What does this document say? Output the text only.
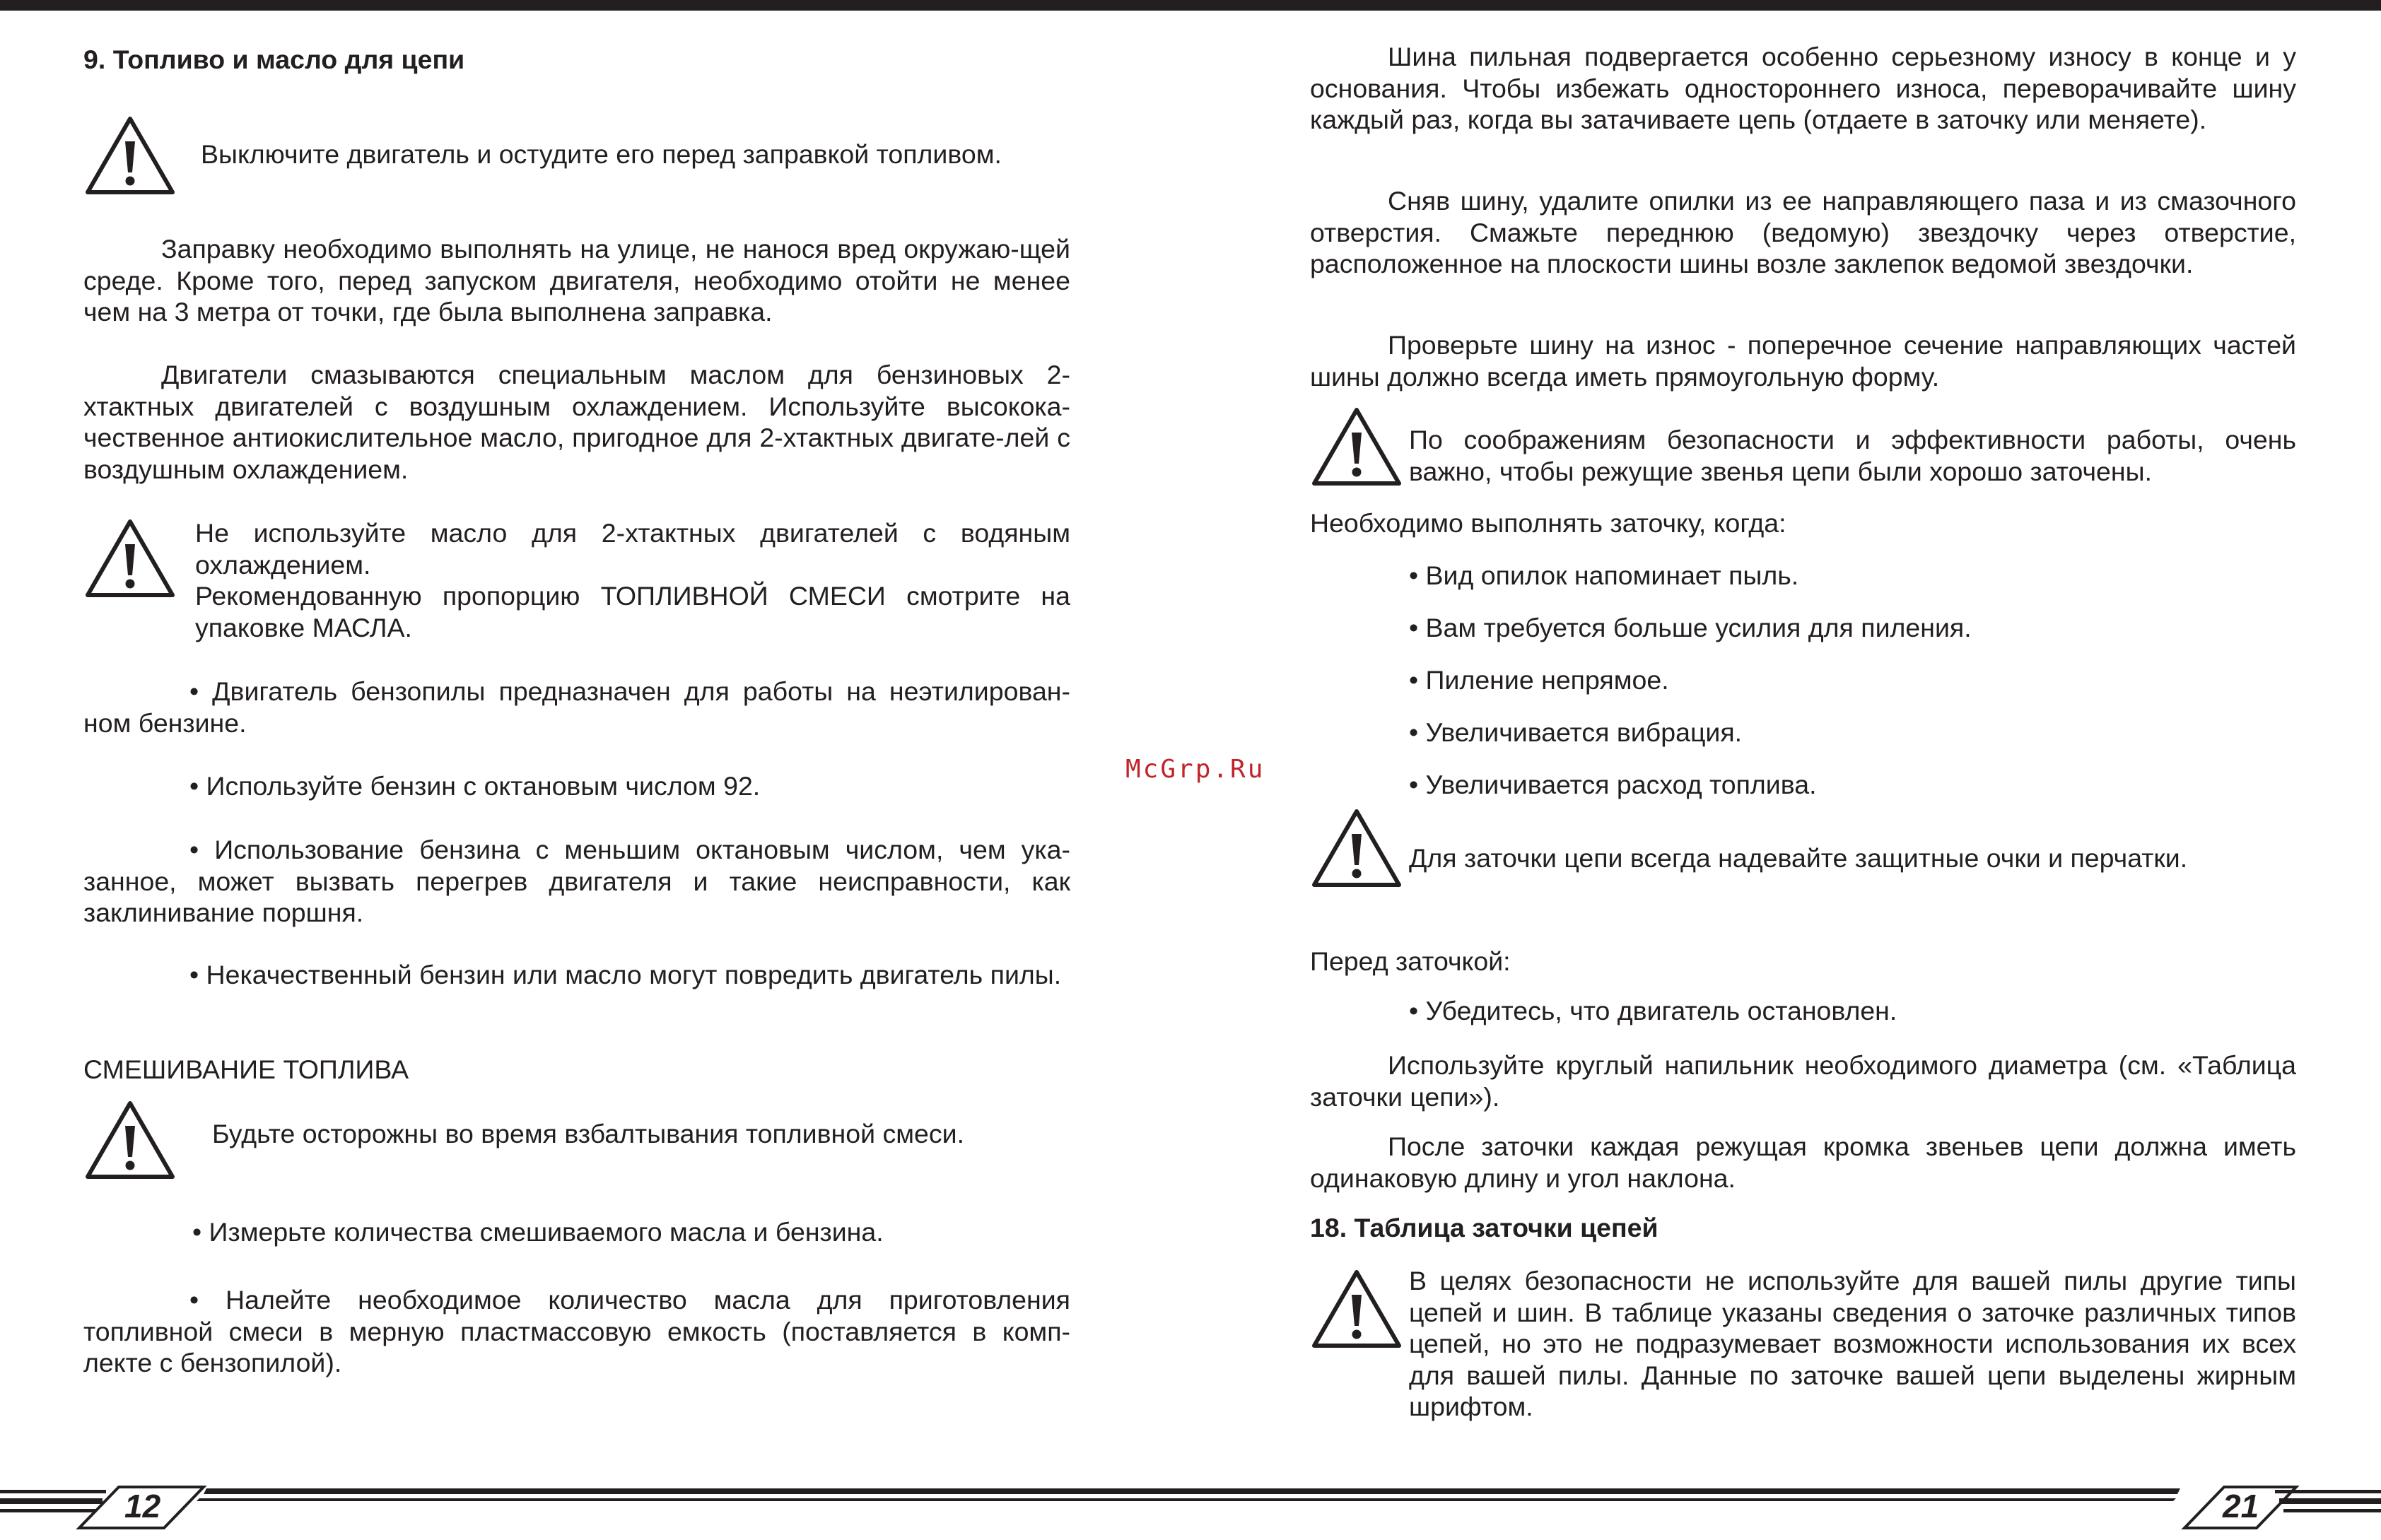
9. Топливо и масло для цепи

Выключите двигатель и остудите его перед заправкой топливом.

Заправку необходимо выполнять на улице, не нанося вред окружаю-щей среде. Кроме того, перед запуском двигателя, необходимо отойти не менее чем на 3 метра от точки, где была выполнена заправка.

Двигатели смазываются специальным маслом для бензиновых 2-хтактных двигателей с воздушным охлаждением. Используйте высокока-чественное антиокислительное масло, пригодное для 2-хтактных двигате-лей с воздушным охлаждением.

Не используйте масло для 2-хтактных двигателей с водяным охлаждением.

Рекомендованную пропорцию ТОПЛИВНОЙ СМЕСИ смотрите на упаковке МАСЛА.

• Двигатель бензопилы предназначен для работы на неэтилирован-ном бензине.

• Используйте бензин с октановым числом 92.

• Использование бензина с меньшим октановым числом, чем ука-занное, может вызвать перегрев двигателя и такие неисправности, как заклинивание поршня.

• Некачественный бензин или масло могут повредить двигатель пилы.

СМЕШИВАНИЕ ТОПЛИВА

Будьте осторожны во время взбалтывания топливной смеси.

• Измерьте количества смешиваемого масла и бензина.

• Налейте необходимое количество масла для приготовления топливной смеси в мерную пластмассовую емкость (поставляется в комп-лекте с бензопилой).

McGrp.Ru

Шина пильная подвергается особенно серьезному износу в конце и у основания. Чтобы избежать одностороннего износа, переворачивайте шину каждый раз, когда вы затачиваете цепь (отдаете в заточку или меняете).

Сняв шину, удалите опилки из ее направляющего паза и из смазочного отверстия. Смажьте переднюю (ведомую) звездочку через отверстие, расположенное на плоскости шины возле заклепок ведомой звездочки.

Проверьте шину на износ - поперечное сечение направляющих частей шины должно всегда иметь прямоугольную форму.

По соображениям безопасности и эффективности работы, очень важно, чтобы режущие звенья цепи были хорошо заточены.

Необходимо выполнять заточку, когда:

• Вид опилок напоминает пыль.

• Вам требуется больше усилия для пиления.

• Пиление непрямое.

• Увеличивается вибрация.

• Увеличивается расход топлива.

Для заточки цепи всегда надевайте защитные очки и перчатки.

Перед заточкой:

• Убедитесь, что двигатель остановлен.

Используйте круглый напильник необходимого диаметра (см. «Таблица заточки цепи»).

После заточки каждая режущая кромка звеньев цепи должна иметь одинаковую длину и угол наклона.

18. Таблица заточки цепей

В целях безопасности не используйте для вашей пилы другие типы цепей и шин. В таблице указаны сведения о заточке различных типов цепей, но это не подразумевает возможности использования их всех для вашей пилы. Данные по заточке вашей цепи выделены жирным шрифтом.

12	21
